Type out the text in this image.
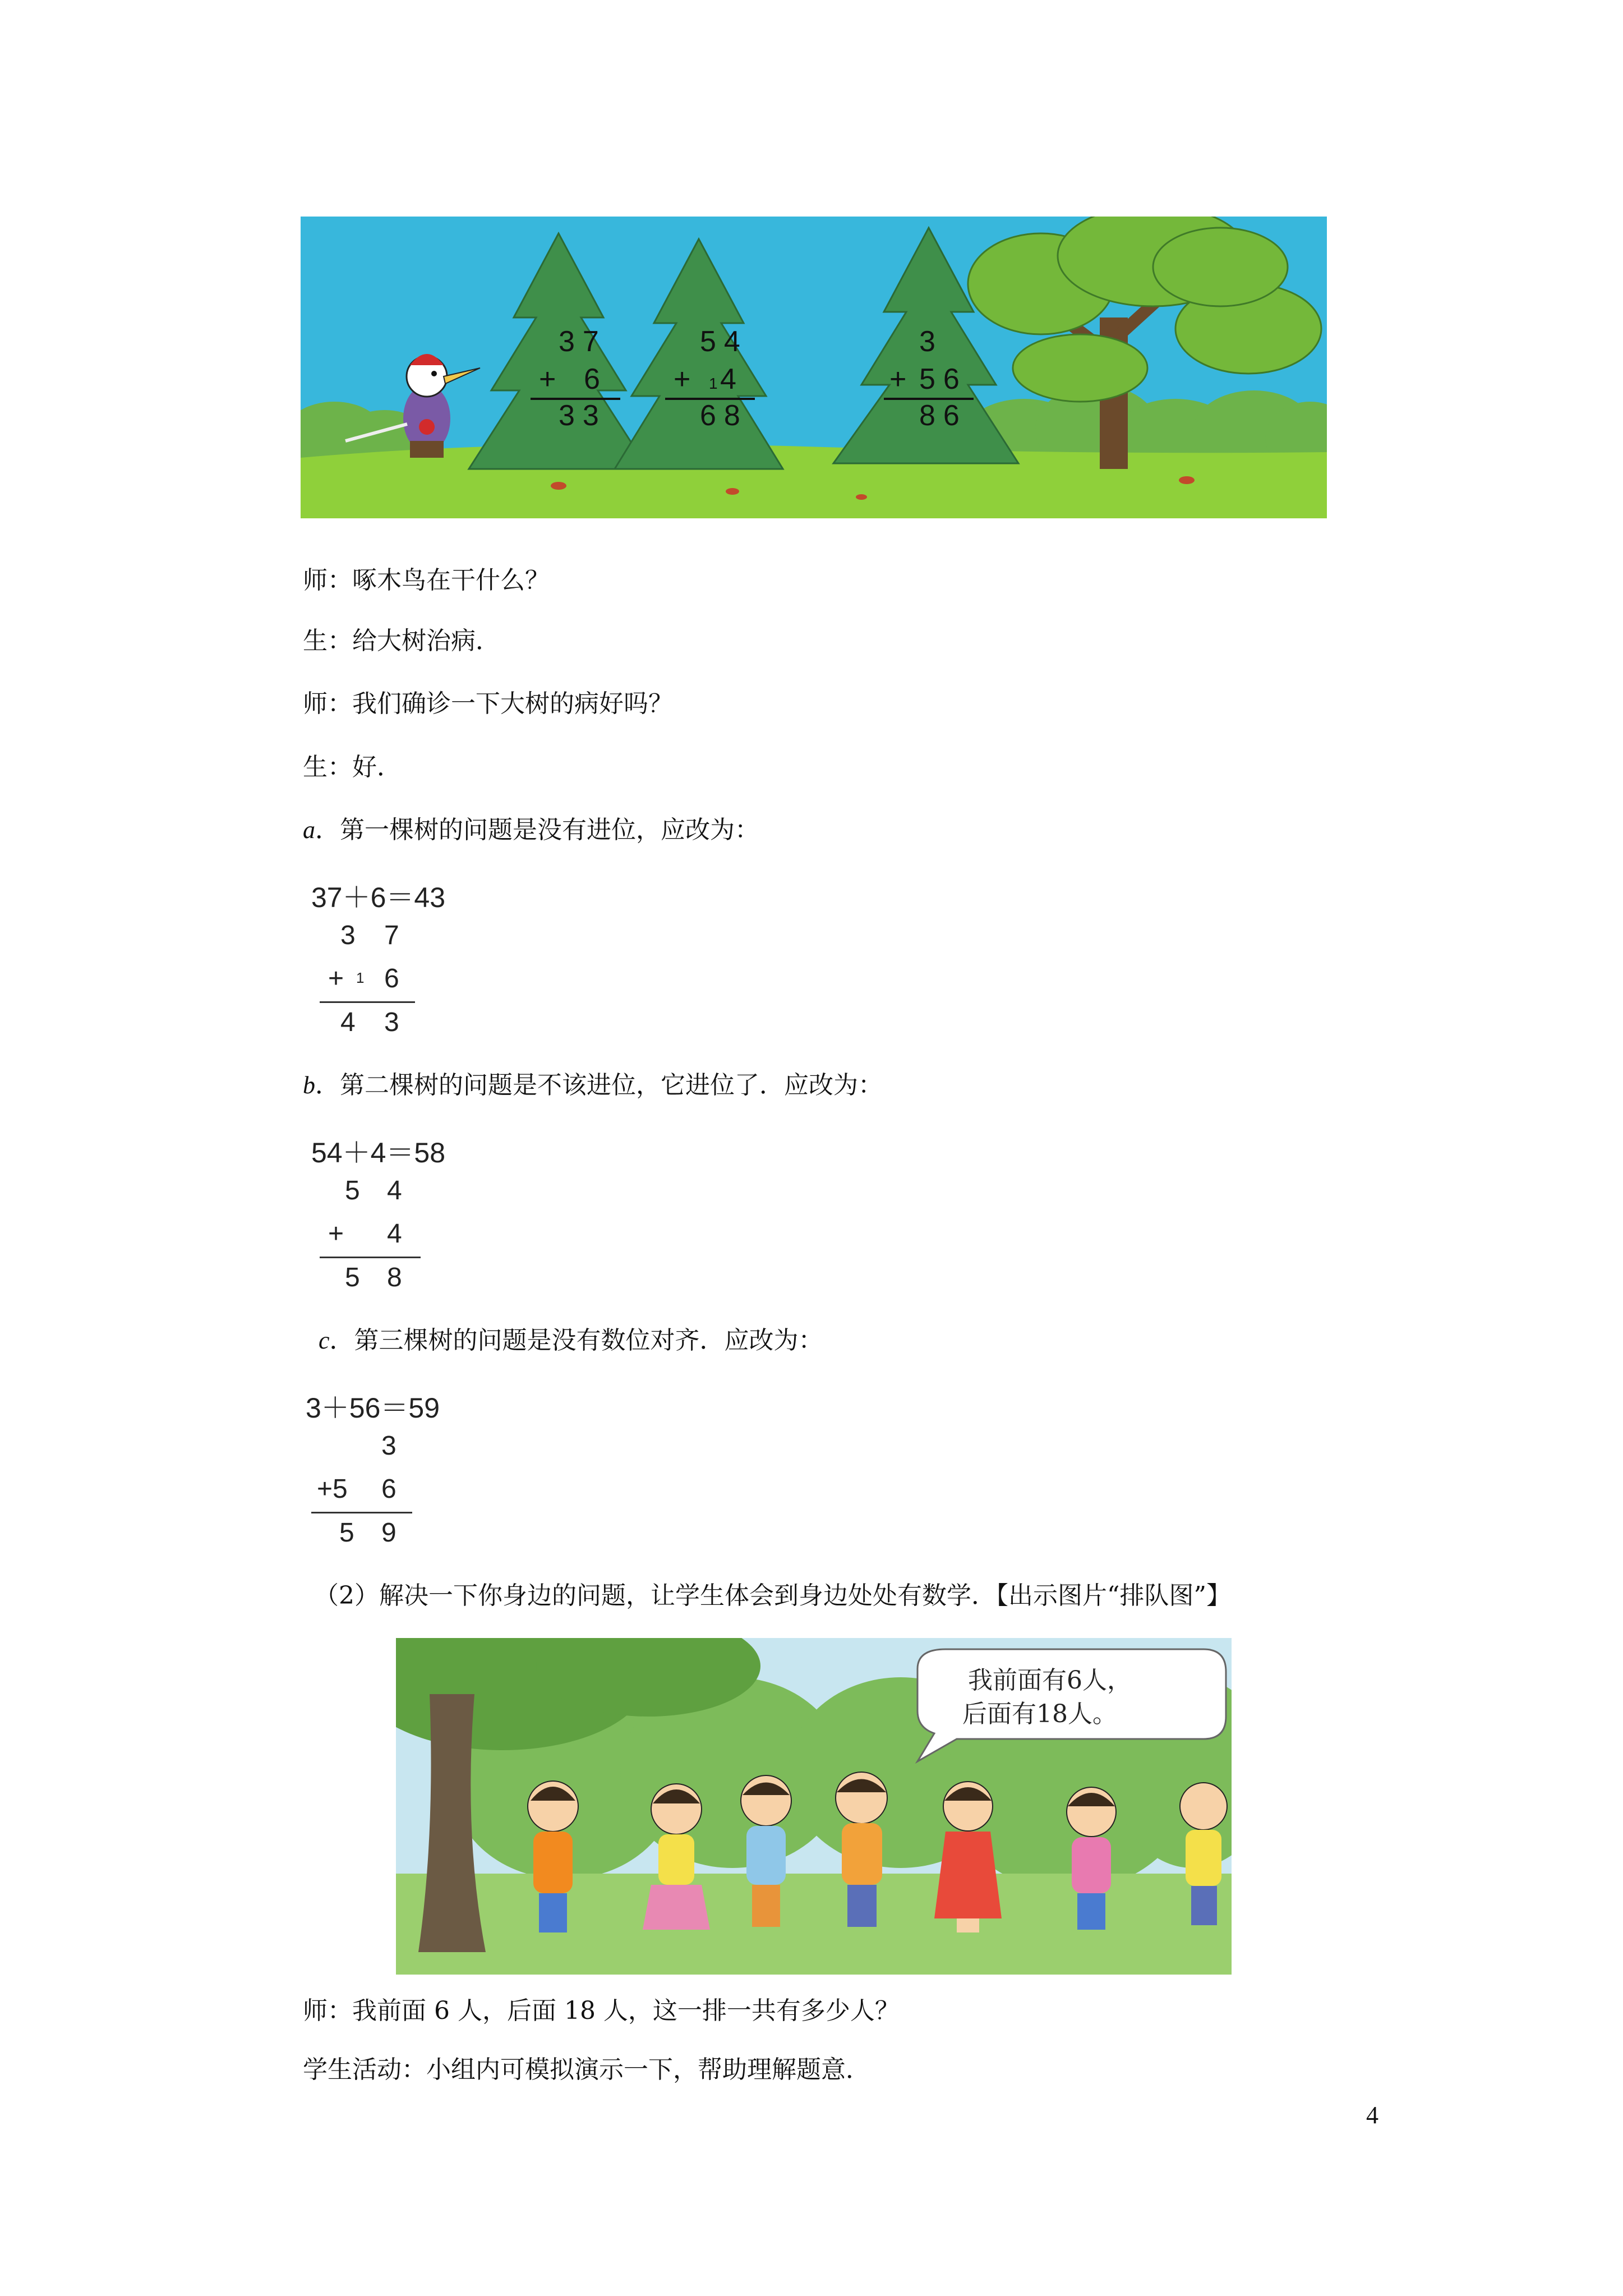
37
+ 6
33
54
+ 1 4
68
3
+ 56
86
师：啄木鸟在干什么？
生：给大树治病．
师：我们确诊一下大树的病好吗？
生：好．
a．第一棵树的问题是没有进位，应改为：
37＋6＝43
3 7
+ 1 6
4 3
b．第二棵树的问题是不该进位，它进位了．应改为：
54＋4＝58
5 4
+ 4
5 8
c．第三棵树的问题是没有数位对齐．应改为：
3＋56＝59
3
+5 6
5 9
（2）解决一下你身边的问题，让学生体会到身边处处有数学．【出示图片“排队图”】
我前面有6人，
后面有18人。
师：我前面 6 人，后面 18 人，这一排一共有多少人？
学生活动：小组内可模拟演示一下，帮助理解题意．
4
